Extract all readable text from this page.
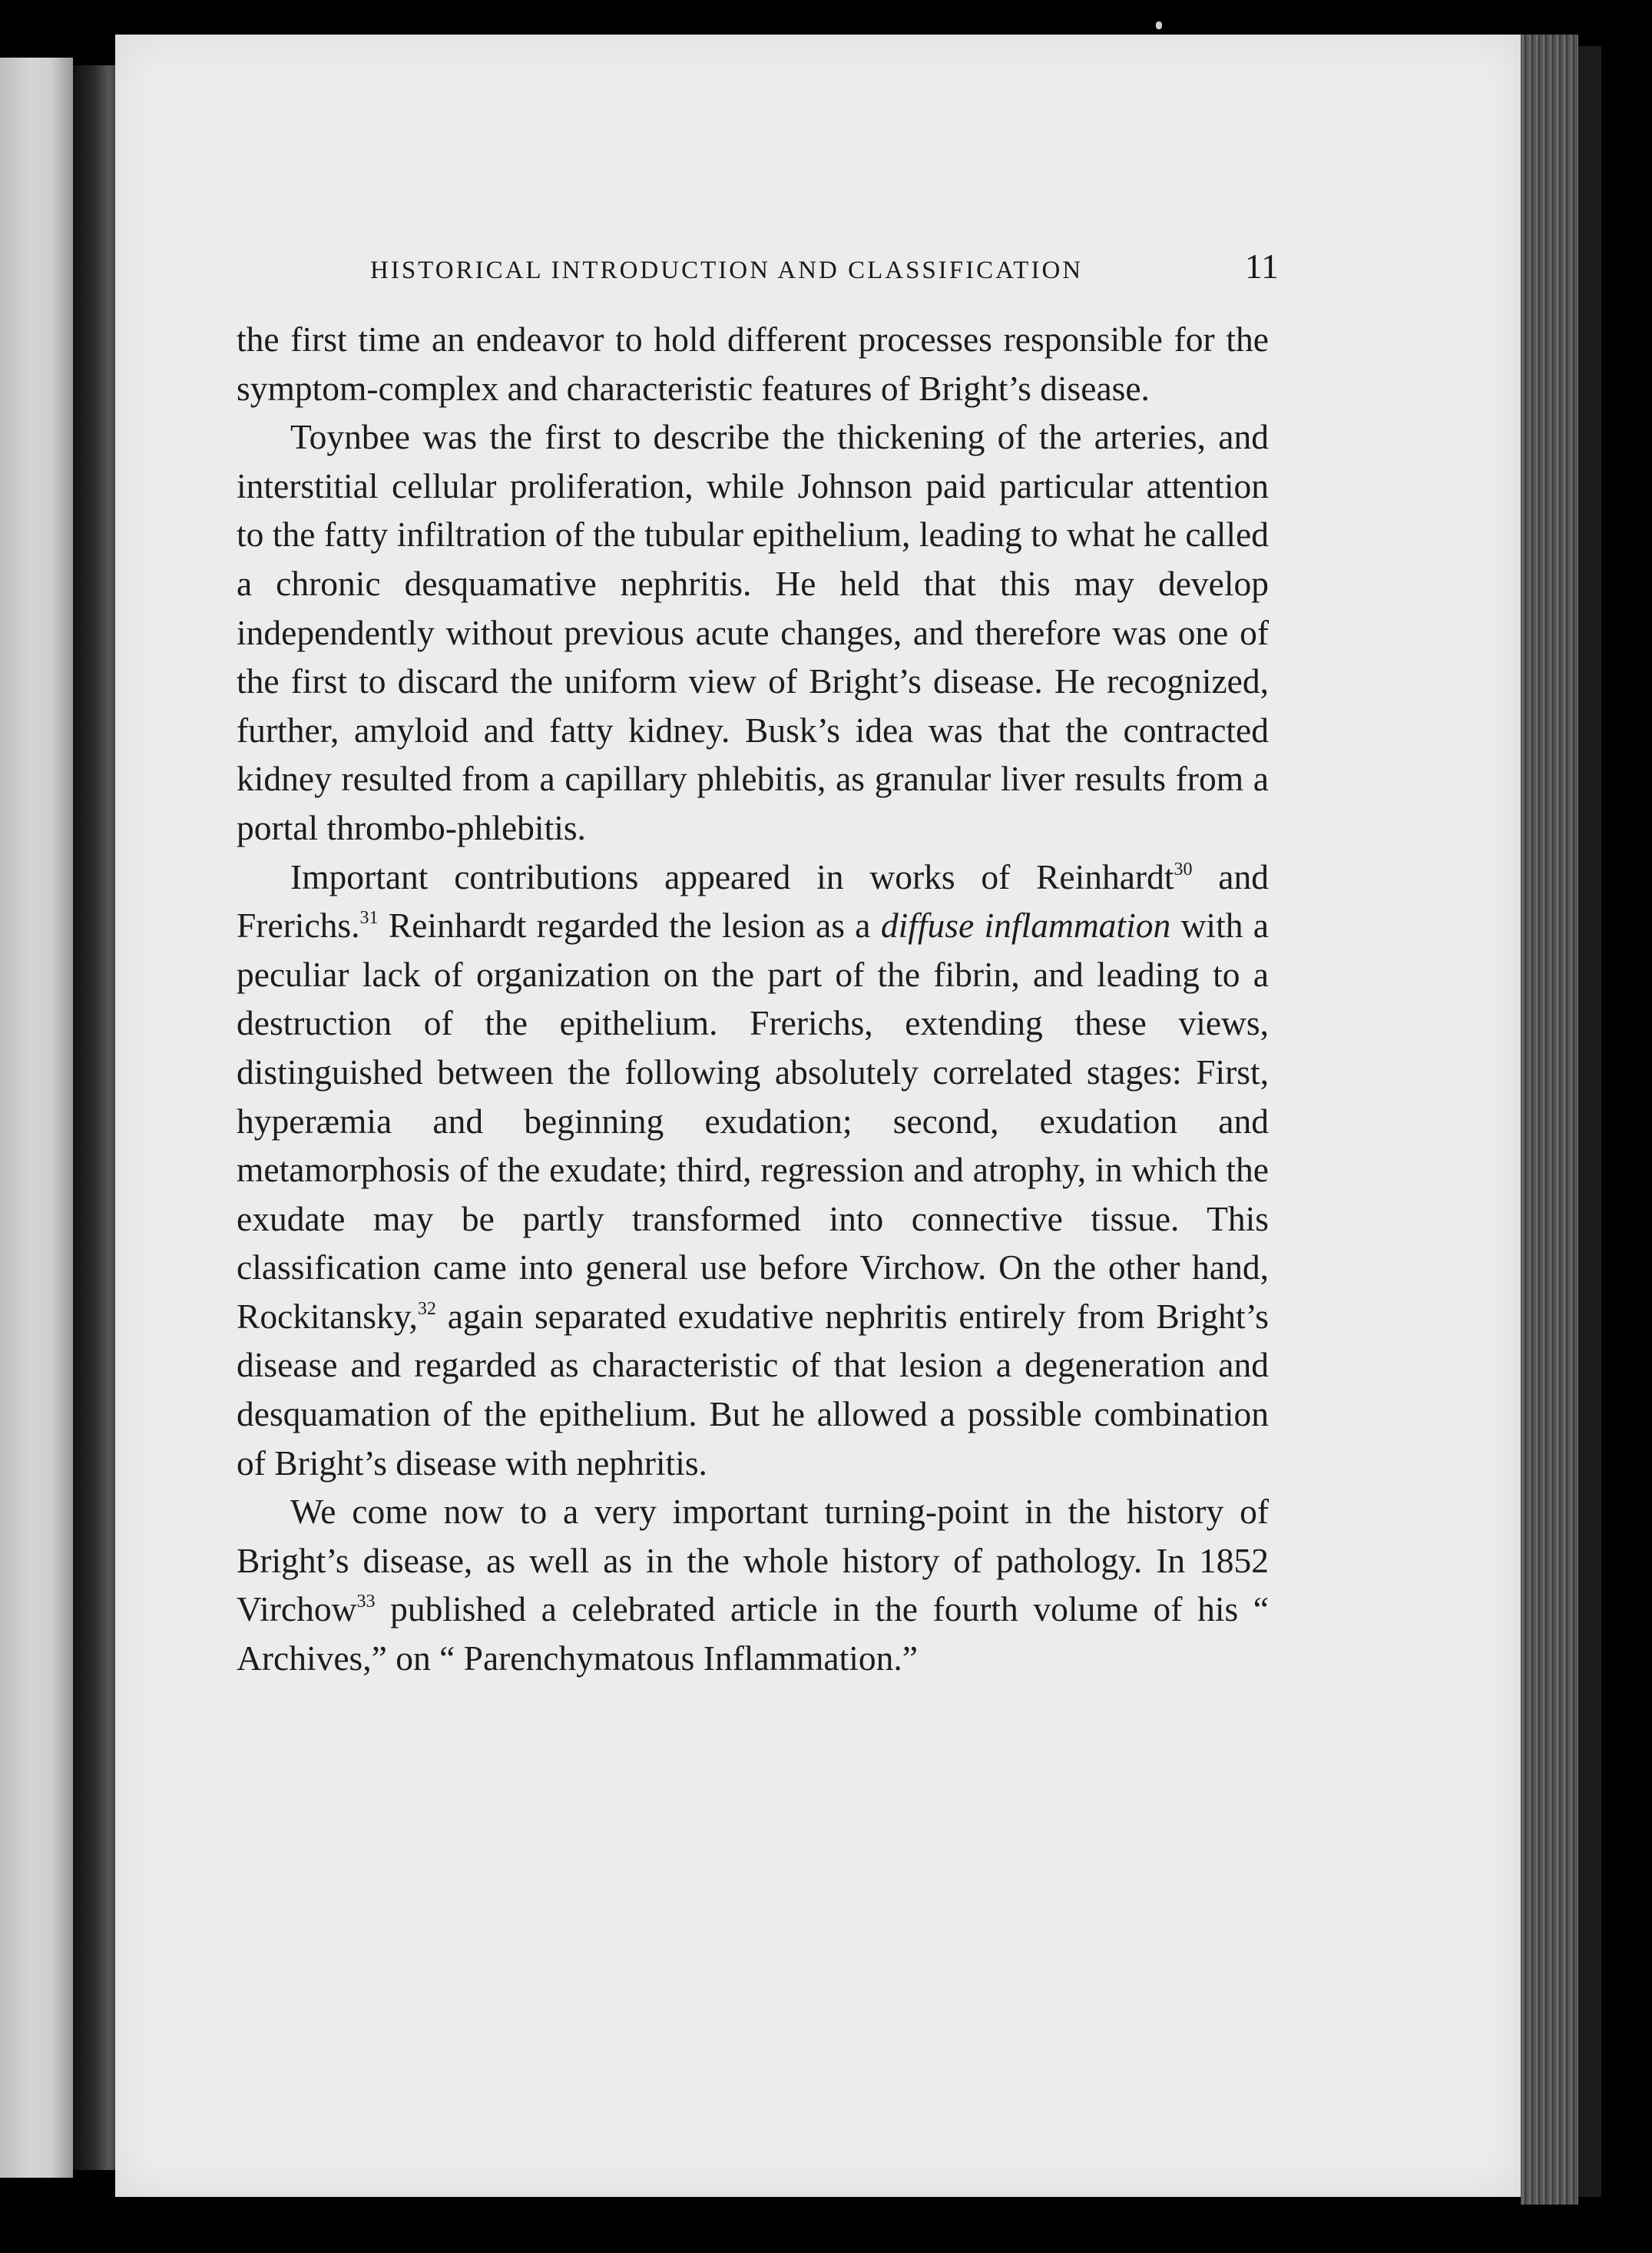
HISTORICAL INTRODUCTION AND CLASSIFICATION	11

the first time an endeavor to hold different processes responsible for the symptom-complex and characteristic features of Bright’s disease.

Toynbee was the first to describe the thickening of the arteries, and interstitial cellular proliferation, while Johnson paid particular attention to the fatty infiltration of the tubular epithelium, leading to what he called a chronic desquamative nephritis. He held that this may develop independently without previous acute changes, and therefore was one of the first to discard the uniform view of Bright’s disease. He recognized, further, amyloid and fatty kidney. Busk’s idea was that the contracted kidney resulted from a capillary phlebitis, as granular liver results from a portal thrombo-phlebitis.

Important contributions appeared in works of Reinhardt$^{30}$ and Frerichs.$^{31}$ Reinhardt regarded the lesion as a diffuse inflammation with a peculiar lack of organization on the part of the fibrin, and leading to a destruction of the epithelium. Frerichs, extending these views, distinguished between the following absolutely correlated stages: First, hyperæmia and beginning exudation; second, exudation and metamorphosis of the exudate; third, regression and atrophy, in which the exudate may be partly transformed into connective tissue. This classification came into general use before Virchow. On the other hand, Rockitansky,$^{32}$ again separated exudative nephritis entirely from Bright’s disease and regarded as characteristic of that lesion a degeneration and desquamation of the epithelium. But he allowed a possible combination of Bright’s disease with nephritis.

We come now to a very important turning-point in the history of Bright’s disease, as well as in the whole history of pathology. In 1852 Virchow$^{33}$ published a celebrated article in the fourth volume of his “ Archives,” on “ Parenchymatous Inflammation.”
